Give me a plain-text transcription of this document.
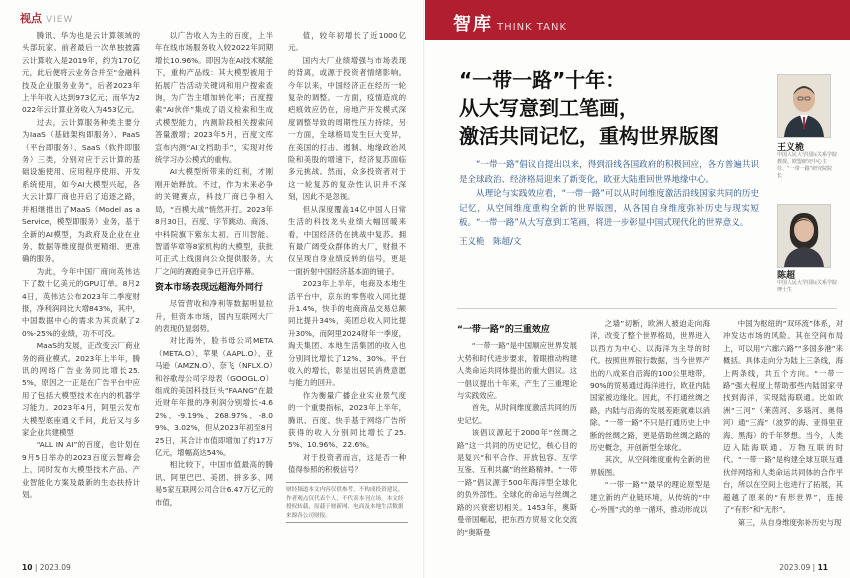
视点 VIEW

腾讯、华为也是云计算领域的头部玩家。前者最后一次单独披露云计算收入是2019年，约为170亿元，此后便将云业务合并至“金融科技及企业服务业务”，后者2023年上半年收入达到973亿元；而华为2022年云计算业务收入为453亿元。

过去，云计算服务种类主要分为IaaS（基础架构即服务）、PaaS（平台即服务）、SaaS（软件即服务）三类，分别对应于云计算的基础设施使用、应用程序使用、开发系统使用，如今AI大模型兴起，各大云计算厂商也开启了追逐之路，并相继推出了MaaS（Model as a Service，模型即服务）业务，基于全新的AI模型，为政府及企业在业务、数据等维度提供更精细、更准确的服务。

为此，今年中国厂商向英伟达下了数十亿美元的GPU订单。8月24日，英伟达公布2023年二季度财报，净利润同比大增843%，其中，中国数据中心的需求为其贡献了20%-25%的业绩，功不可没。

MaaS的发展，正改变云厂商业务的商业模式。2023年上半年，腾讯的网络广告业务同比增长25.5%，原因之一正是在广告平台中应用了包括大模型技术在内的机器学习能力。2023年4月，阿里云发布大模型底座通义千问，此后又与多家企业共建模型

“ALL IN AI”的百度，也计划在9月5日举办的2023百度云智峰会上，同时发布大模型技术产品、产业智能化方案及最新的生态扶持计划。

以广告收入为主的百度，上半年在线市场服务收入较2022年同期增长10.96%。即因为在AI技术赋能下，重构产品线：其大模型被用于拓展广告活动关键词和用户搜索查询，为广告主增加转化率；百度搜索“AI伙伴”集成了语义检索和生成式模型能力，内测阶段相关搜索问答量激增；2023年5月，百度文库宣布内测“AI文档助手”，实现对传统学习办公模式的重构。

AI大模型所带来的红利，才刚刚开始释放。不过，作为未来必争的关键赛点，科技厂商已争相入局，“百模大战”悄然开打。2023年8月30日，百度、字节跳动、商汤、中科院旗下紫东太初、百川智能、智谱华章等8家机构的大模型，获批可正式上线面向公众提供服务，大厂之间的赛跑竞争已开启序幕。

资本市场表现远超海外同行

尽管营收和净利等数据明显拉升，但资本市场，国内互联网大厂的表现仍显弱势。

对比海外，脸书母公司META（META.O）、苹果（AAPL.O）、亚马逊（AMZN.O）、奈飞（NFLX.O）和谷歌母公司字母表（GOOGL.O）组成的美国科技巨头“FAANG”在最近财年年报的净利润分别增长-4.62%、-9.19%、268.97%、-8.09%、3.02%，但从2023年初至8月25日，其合计市值即增加了约17万亿元，增幅高达54%。

相比较下，中国市值最高的腾讯、阿里巴巴、美团、拼多多、网易5家互联网公司合计6.47万亿元的市值，

值，较年初增长了近1000亿元。

国内大厂业绩增强与市场表现的背离，或源于投资者情绪影响。今年以来，中国经济正在经历一轮复杂的调整。一方面，疫情造成的疤痕效应仍在，房地产开发模式深度调整导致的周期性压力持续，另一方面，全球格局发生巨大变异，在美国的打击、遏制、地缘政治风险和美股的增速下，经济复苏面临多元挑战。然而，众多投资者对于这一轮复苏的复杂性认识并不深刻，因此不是忽视。

但从深度覆盖14亿中国人日常生活的科技龙头业绩大幅回暖来看，中国经济仍在挑战中复苏。拥有最广阔受众群体的大厂，财报不仅呈现自身业绩反转的信号，更是一面折射中国经济基本面的镜子。

2023年上半年，电商及本地生活平台中，京东的零售收入同比提升1.4%，快手的电商商品交易总额同比提升34%，美团总收入同比提升30%，而阿里2024财年一季度，淘天集团、本地生活集团的收入也分别同比增长了12%、30%。平台收入的增长，彰显出居民消费意愿与能力的回升。

作为衡量广播企业实业景气度的一个重要指标，2023年上半年，腾讯、百度、快手基于网络广告所获得的收入分别同比增长了25.5%、10.96%、22.6%。

对于投资者而言，这是否一种值得参照的积极信号？

财经频道本文内容仅供参考，不构成投资建议。作者观点仅代表个人，不代表本刊立场。本文经授权转载，原载于财新网、电商及本地生活数据来源各公司财报。
10 | 2023.09
智库 THINK TANK
“一带一路”十年：
从大写意到工笔画，
激活共同记忆，重构世界版图

“一带一路”倡议自提出以来，得到沿线各国政府的积极回应，各方普遍共识是全球政治、经济格局迎来了新变化，欧亚大陆重回世界地缘中心。

从理论与实践效应看，“一带一路”可以从时间维度激活沿线国家共同的历史记忆，从空间维度重构全新的世界版图，从各国自身维度弥补历史与现实短板。“一带一路”从大写意到工笔画，将进一步彰显中国式现代化的世界意义。

王义桅　陈超/文
王义桅
中国人民大学国际关系学院教授、欧盟研究中心主任、“一带一路”研究院院长
陈超
中国人民大学国际关系学院博士生
“一带一路”的三重效应

“一带一路”是中国顺应世界发展大势和时代进步要求，着眼推动构建人类命运共同体提出的重大倡议。这一倡议提出十年来，产生了三重理论与实践效应。

首先，从时间维度激活共同的历史记忆。

该倡议源起于2000年“丝绸之路”这一共同的历史记忆，核心目的是复兴“和平合作、开放包容、互学互鉴、互利共赢”的丝路精神。“一带一路”倡议源于500年海洋型全球化的负外部性。全球化的命运与丝绸之路的兴衰密切相关。1453年，奥斯曼帝国崛起，把东西方贸易文化交流的“奥斯曼

之墙”切断，欧洲人被迫走向海洋，改变了整个世界格局，世界进入以西方为中心、以海洋为主导的时代。按照世界银行数据，当今世界产出的八成来自沿海的100公里地带，90%的贸易通过海洋进行，欧亚内陆国家被边缘化。因此，不打通丝绸之路，内陆与沿海的发展差距就难以消除。“一带一路”不只是打通历史上中断的丝绸之路，更是借助丝绸之路的历史概念，开创新型全球化。

其次，从空间维度重构全新的世界版图。

“一带一路”“最早的理论原型是建立新的产业链环境，从传统的“中心-外围”式的单一循环，推动形成以

中国为枢纽的“双环流”体系，对冲发达市场的风险。其在空间布局上，可以用“六廊六路”“多国多港”来概括。具体走向分为陆上三条线，海上两条线，共五个方向。“一带一路”强大程度上帮助那些内陆国家寻找到海洋，实现陆海联通。比如欧洲“三河”（莱茵河、多瑙河、奥得河）通“三海”（波罗的海、亚得里亚海、黑海）的千年梦想。当今，人类迈入陆海联通、万物互联的时代。“一带一路”是构建全球互联互通伙伴网络和人类命运共同体的合作平台，所以在空间上也进行了拓展，其超越了原来的“有形世界”，连接了“有形”和“无形”。

第三，从自身维度弥补历史与现

2023.09 | 11
